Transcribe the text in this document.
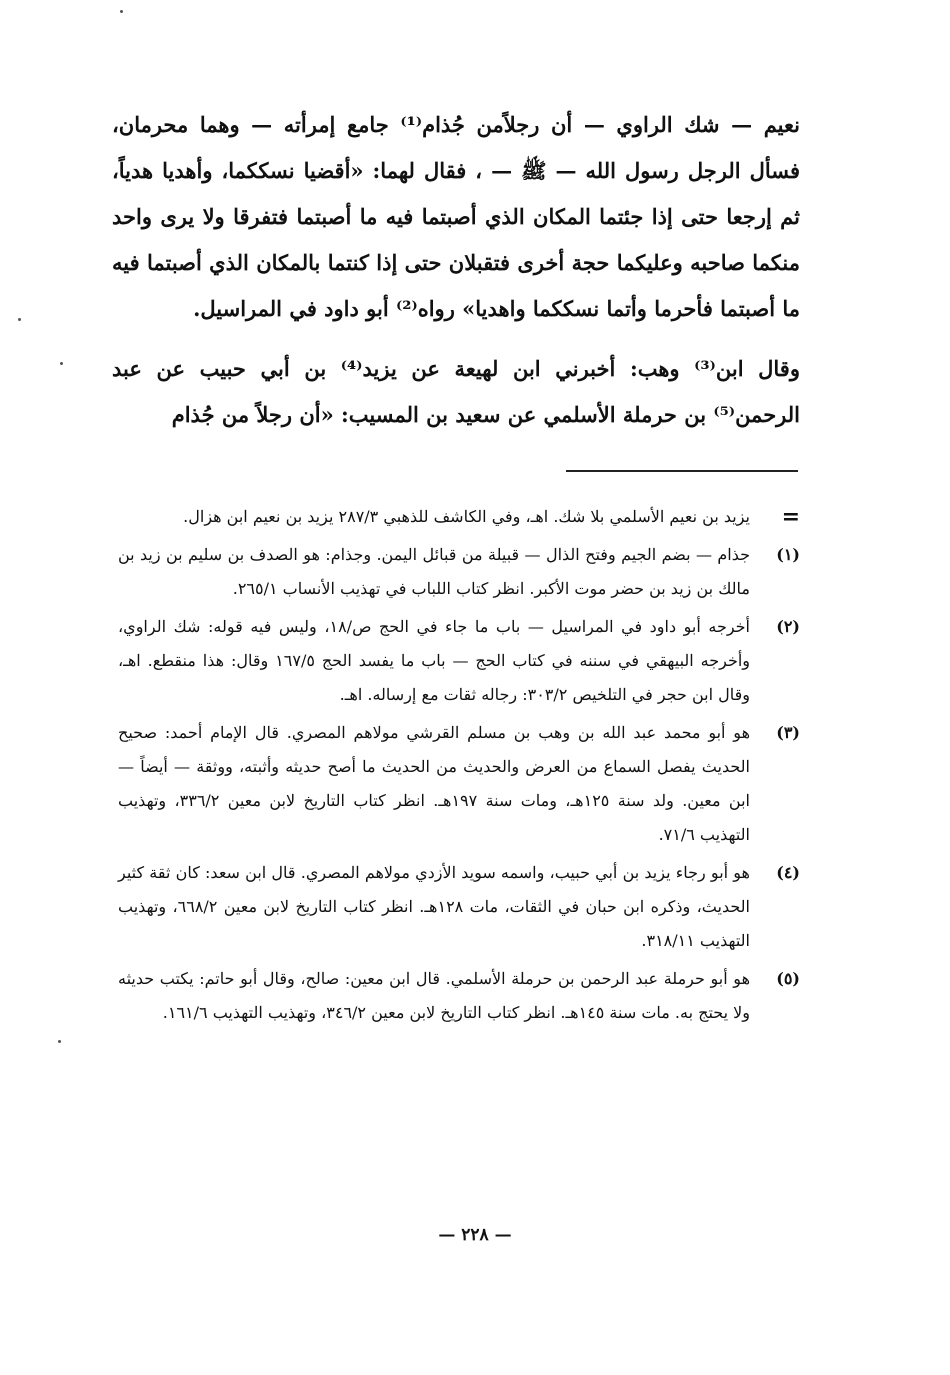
نعيم — شك الراوي — أن رجلاًمن جُذام⁽¹⁾ جامع إمرأته — وهما محرمان، فسأل الرجل رسول الله — ﷺ — ، فقال لهما: «أقضيا نسككما، وأهديا هدياً، ثم إرجعا حتى إذا جئتما المكان الذي أصبتما فيه ما أصبتما فتفرقا ولا يرى واحد منكما صاحبه وعليكما حجة أخرى فتقبلان حتى إذا كنتما بالمكان الذي أصبتما فيه ما أصبتما فأحرما وأتما نسككما واهديا» رواه⁽²⁾ أبو داود في المراسيل.

وقال ابن⁽³⁾ وهب: أخبرني ابن لهيعة عن يزيد⁽⁴⁾ بن أبي حبيب عن عبد الرحمن⁽⁵⁾ بن حرملة الأسلمي عن سعيد بن المسيب: «أن رجلاً من جُذام

=
يزيد بن نعيم الأسلمي بلا شك. اهـ، وفي الكاشف للذهبي ٢٨٧/٣ يزيد بن نعيم ابن هزال.
(١)
جذام — بضم الجيم وفتح الذال — قبيلة من قبائل اليمن. وجذام: هو الصدف بن سليم بن زيد بن مالك بن زيد بن حضر موت الأكبر. انظر كتاب اللباب في تهذيب الأنساب ٢٦٥/١.
(٢)
أخرجه أبو داود في المراسيل — باب ما جاء في الحج ص/١٨، وليس فيه قوله: شك الراوي، وأخرجه البيهقي في سننه في كتاب الحج — باب ما يفسد الحج ١٦٧/٥ وقال: هذا منقطع. اهـ، وقال ابن حجر في التلخيص ٣٠٣/٢: رجاله ثقات مع إرساله. اهـ.
(٣)
هو أبو محمد عبد الله بن وهب بن مسلم القرشي مولاهم المصري. قال الإمام أحمد: صحيح الحديث يفصل السماع من العرض والحديث من الحديث ما أصح حديثه وأثبته، ووثقة — أيضاً — ابن معين. ولد سنة ١٢٥هـ، ومات سنة ١٩٧هـ. انظر كتاب التاريخ لابن معين ٣٣٦/٢، وتهذيب التهذيب ٧١/٦.
(٤)
هو أبو رجاء يزيد بن أبي حبيب، واسمه سويد الأزدي مولاهم المصري. قال ابن سعد: كان ثقة كثير الحديث، وذكره ابن حبان في الثقات، مات ١٢٨هـ. انظر كتاب التاريخ لابن معين ٦٦٨/٢، وتهذيب التهذيب ٣١٨/١١.
(٥)
هو أبو حرملة عبد الرحمن بن حرملة الأسلمي. قال ابن معين: صالح، وقال أبو حاتم: يكتب حديثه ولا يحتج به. مات سنة ١٤٥هـ. انظر كتاب التاريخ لابن معين ٣٤٦/٢، وتهذيب التهذيب ١٦١/٦.
— ٢٢٨ —
